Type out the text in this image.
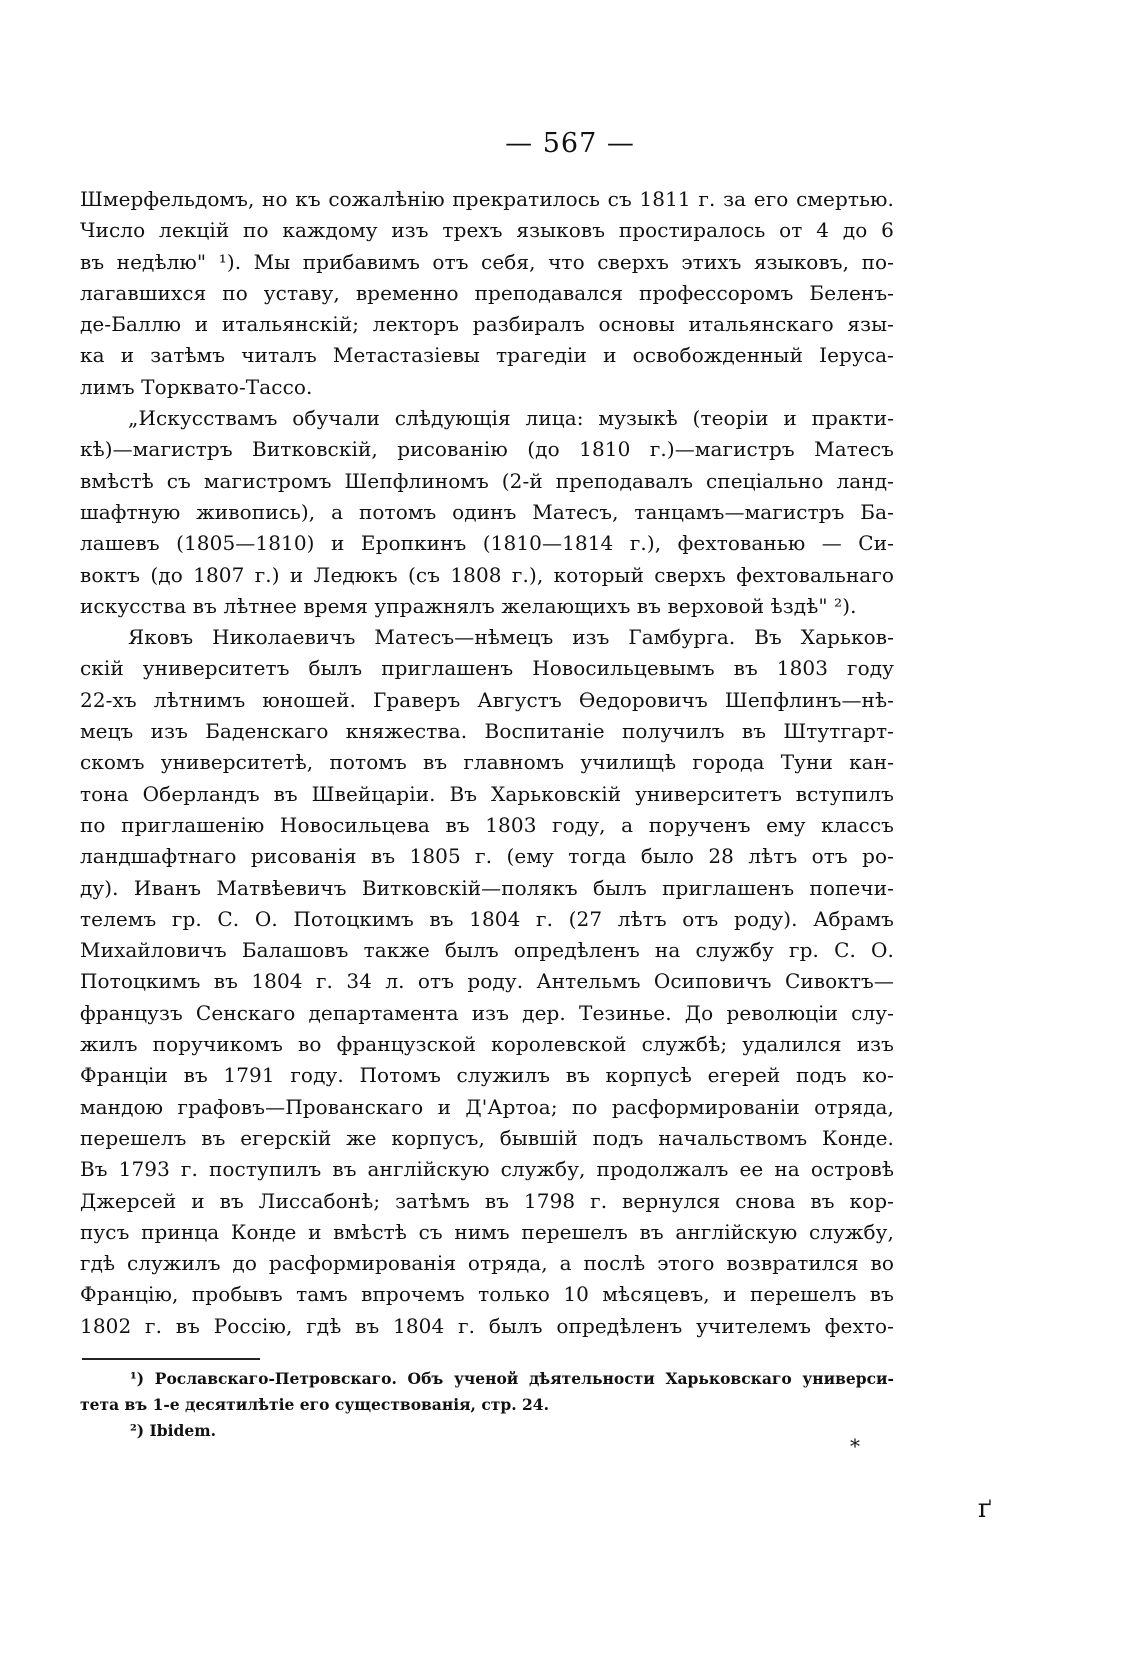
— 567 —
Шмерфельдомъ, но къ сожалѣнію прекратилось съ 1811 г. за его смертью.
Число лекцій по каждому изъ трехъ языковъ простиралось от 4 до 6
въ недѣлю" ¹). Мы прибавимъ отъ себя, что сверхъ этихъ языковъ, по-
лагавшихся по уставу, временно преподавался профессоромъ Беленъ-
де-Баллю и итальянскій; лекторъ разбиралъ основы итальянскаго язы-
ка и затѣмъ читалъ Метастазіевы трагедіи и освобожденный Іеруса-
лимъ Торквато-Тассо.
„Искусствамъ обучали слѣдующія лица: музыкѣ (теоріи и практи-
кѣ)—магистръ Витковскій, рисованію (до 1810 г.)—магистръ Матесъ
вмѣстѣ съ магистромъ Шепфлиномъ (2-й преподавалъ спеціально ланд-
шафтную живопись), а потомъ одинъ Матесъ, танцамъ—магистръ Ба-
лашевъ (1805—1810) и Еропкинъ (1810—1814 г.), фехтованью — Си-
воктъ (до 1807 г.) и Ледюкъ (съ 1808 г.), который сверхъ фехтовальнаго
искусства въ лѣтнее время упражнялъ желающихъ въ верховой ѣздѣ" ²).
Яковъ Николаевичъ Матесъ—нѣмецъ изъ Гамбурга. Въ Харьков-
скій университетъ былъ приглашенъ Новосильцевымъ въ 1803 году
22-хъ лѣтнимъ юношей. Граверъ Августъ Ѳедоровичъ Шепфлинъ—нѣ-
мецъ изъ Баденскаго княжества. Воспитаніе получилъ въ Штутгарт-
скомъ университетѣ, потомъ въ главномъ училищѣ города Туни кан-
тона Оберландъ въ Швейцаріи. Въ Харьковскій университетъ вступилъ
по приглашенію Новосильцева въ 1803 году, а порученъ ему классъ
ландшафтнаго рисованія въ 1805 г. (ему тогда было 28 лѣтъ отъ ро-
ду). Иванъ Матвѣевичъ Витковскій—полякъ былъ приглашенъ попечи-
телемъ гр. С. О. Потоцкимъ въ 1804 г. (27 лѣтъ отъ роду). Абрамъ
Михайловичъ Балашовъ также былъ опредѣленъ на службу гр. С. О.
Потоцкимъ въ 1804 г. 34 л. отъ роду. Антельмъ Осиповичъ Сивоктъ—
французъ Сенскаго департамента изъ дер. Тезинье. До революціи слу-
жилъ поручикомъ во французской королевской службѣ; удалился изъ
Франціи въ 1791 году. Потомъ служилъ въ корпусѣ егерей подъ ко-
мандою графовъ—Прованскаго и Д'Артоа; по расформированіи отряда,
перешелъ въ егерскій же корпусъ, бывшій подъ начальствомъ Конде.
Въ 1793 г. поступилъ въ англійскую службу, продолжалъ ее на островѣ
Джерсей и въ Лиссабонѣ; затѣмъ въ 1798 г. вернулся снова въ кор-
пусъ принца Конде и вмѣстѣ съ нимъ перешелъ въ англійскую службу,
гдѣ служилъ до расформированія отряда, а послѣ этого возвратился во
Францію, пробывъ тамъ впрочемъ только 10 мѣсяцевъ, и перешелъ въ
1802 г. въ Россію, гдѣ въ 1804 г. былъ опредѣленъ учителемъ фехто-
¹) Рославскаго-Петровскаго. Объ ученой дѣятельности Харьковскаго универси-
тета въ 1-е десятилѣтіе его существованія, стр. 24.
²) Ibidem.
*
ґ
